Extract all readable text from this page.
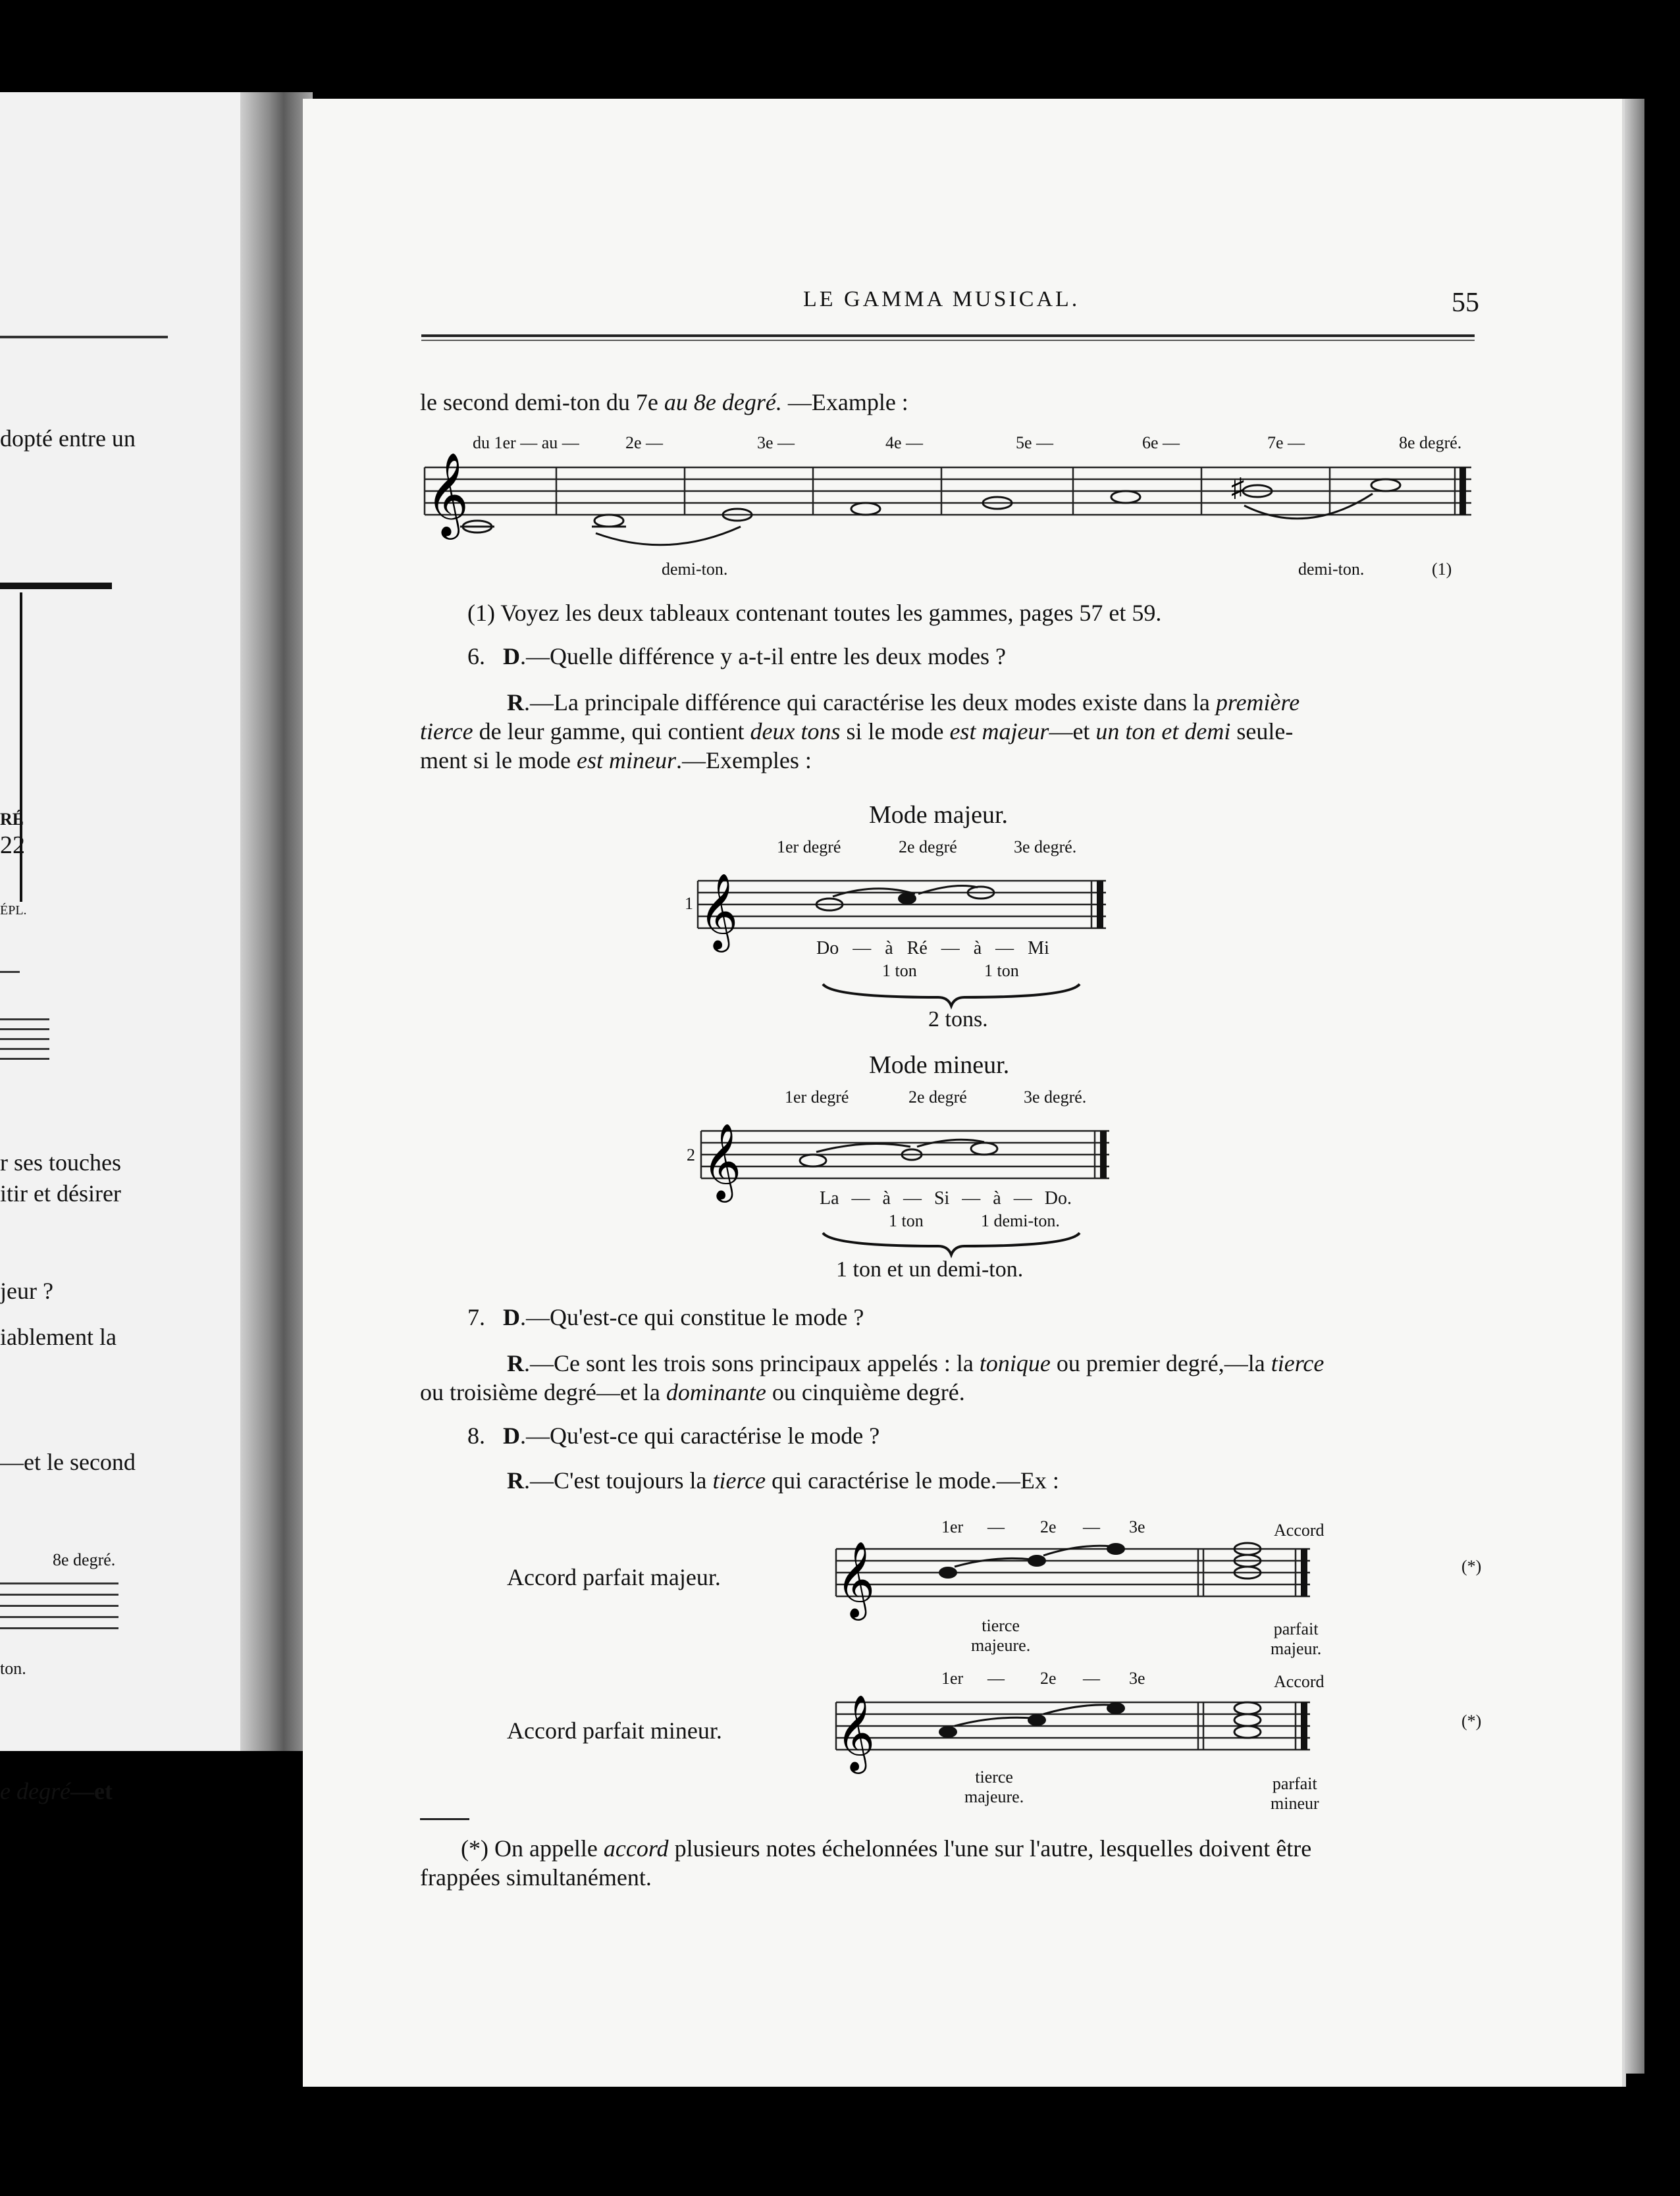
dopté entre un
RÉ
22
ÉPL.
r ses touches
itir et désirer
jeur ?
iablement la
—et le second
8e degré.
ton.
e degré—et
LE GAMMA MUSICAL.	55
le second demi-ton du 7e au 8e degré. —Example :
𝄞	♯
du 1er — au —	2e —	3e —	4e —	5e —	6e —	7e —	8e degré.
demi-ton.	demi-ton.	(1)
(1) Voyez les deux tableaux contenant toutes les gammes, pages 57 et 59.
6. D.—Quelle différence y a-t-il entre les deux modes ?
R.—La principale différence qui caractérise les deux modes existe dans la première
tierce de leur gamme, qui contient deux tons si le mode est majeur—et un ton et demi seule-
ment si le mode est mineur.—Exemples :
Mode majeur.
1er degré	2e degré	3e degré.
1 𝄞
Do — à Ré — à — Mi
1 ton	1 ton
2 tons.
Mode mineur.
1er degré	2e degré	3e degré.
2 𝄞
La — à — Si — à — Do.
1 ton	1 demi-ton.
1 ton et un demi-ton.
7. D.—Qu'est-ce qui constitue le mode ?
R.—Ce sont les trois sons principaux appelés : la tonique ou premier degré,—la tierce
ou troisième degré—et la dominante ou cinquième degré.
8. D.—Qu'est-ce qui caractérise le mode ?
R.—C'est toujours la tierce qui caractérise le mode.—Ex :
Accord parfait majeur.
1er — 2e — 3e	Accord
𝄞	(*)
tierce
majeure.
parfait
majeur.
Accord parfait mineur.
1er — 2e — 3e	Accord
(*)
𝄞
tierce
majeure.
parfait
mineur
(*) On appelle accord plusieurs notes échelonnées l'une sur l'autre, lesquelles doivent être
frappées simultanément.
